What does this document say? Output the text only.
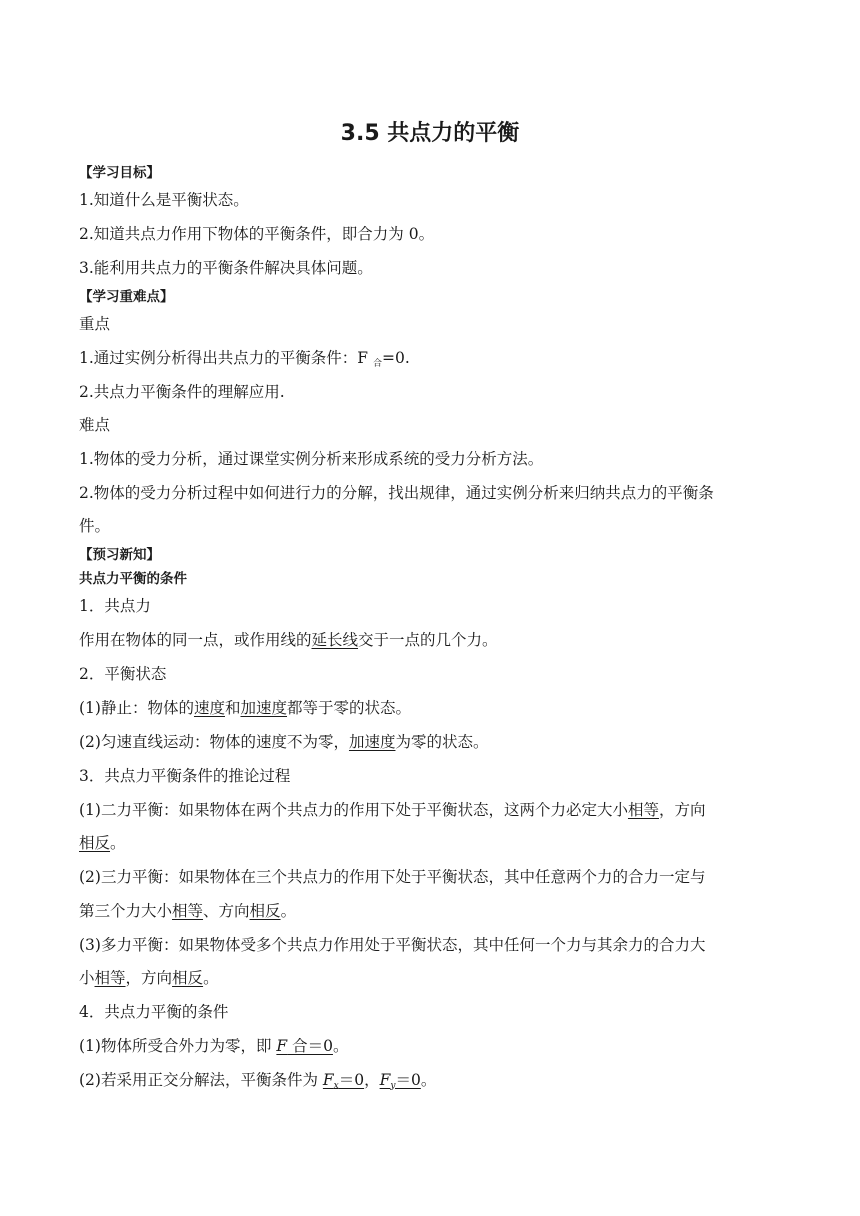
3.5 共点力的平衡
【学习目标】
1.知道什么是平衡状态。
2.知道共点力作用下物体的平衡条件，即合力为 0。
3.能利用共点力的平衡条件解决具体问题。
【学习重难点】
重点
1.通过实例分析得出共点力的平衡条件：F $_合$=0.
2.共点力平衡条件的理解应用.
难点
1.物体的受力分析，通过课堂实例分析来形成系统的受力分析方法。
2.物体的受力分析过程中如何进行力的分解，找出规律，通过实例分析来归纳共点力的平衡条
件。
【预习新知】
共点力平衡的条件
1．共点力
作用在物体的同一点，或作用线的延长线交于一点的几个力。
2．平衡状态
(1)静止：物体的速度和加速度都等于零的状态。
(2)匀速直线运动：物体的速度不为零，加速度为零的状态。
3．共点力平衡条件的推论过程
(1)二力平衡：如果物体在两个共点力的作用下处于平衡状态，这两个力必定大小相等，方向
相反。
(2)三力平衡：如果物体在三个共点力的作用下处于平衡状态，其中任意两个力的合力一定与
第三个力大小相等、方向相反。
(3)多力平衡：如果物体受多个共点力作用处于平衡状态，其中任何一个力与其余力的合力大
小相等，方向相反。
4．共点力平衡的条件
(1)物体所受合外力为零，即 F 合＝0。
(2)若采用正交分解法，平衡条件为 $F_x=0$，$F_y=0$。
